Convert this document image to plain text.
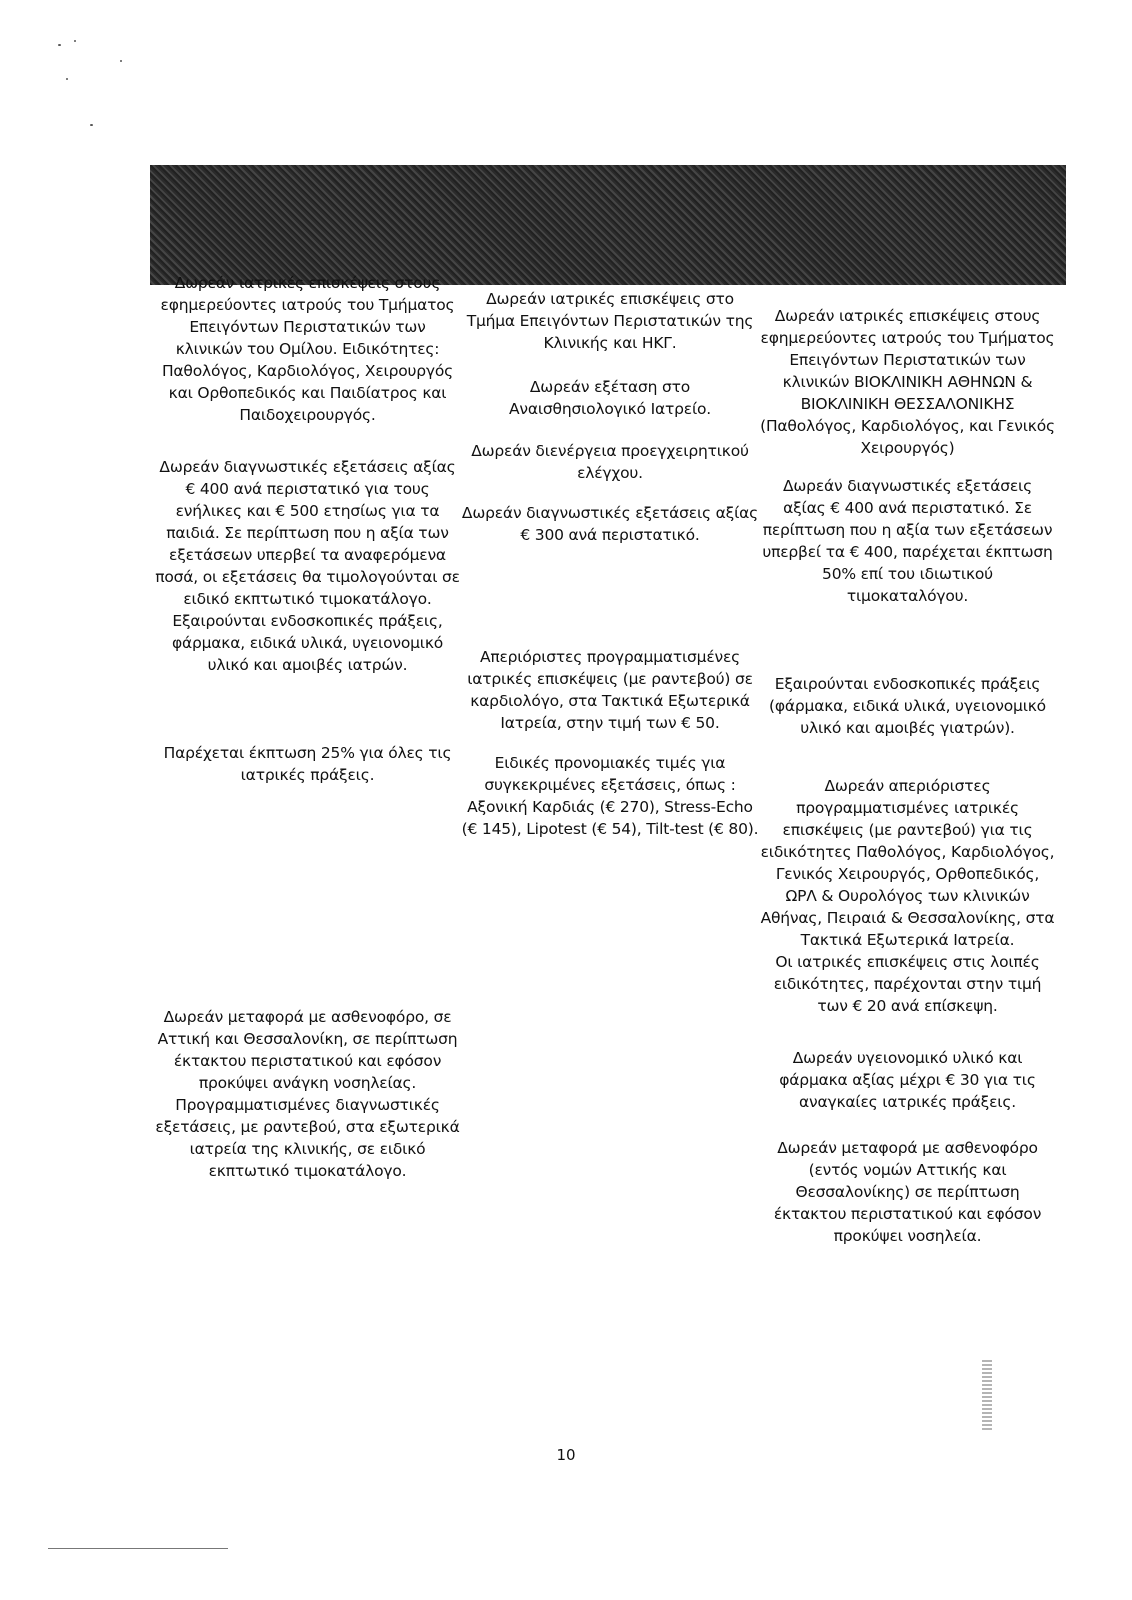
Δωρεάν ιατρικές επισκέψεις στους εφημερεύοντες ιατρούς του Τμήματος Επειγόντων Περιστατικών των κλινικών του Ομίλου. Ειδικότητες: Παθολόγος, Καρδιολόγος, Χειρουργός και Ορθοπεδικός και Παιδίατρος και Παιδοχειρουργός.

Δωρεάν διαγνωστικές εξετάσεις αξίας € 400 ανά περιστατικό για τους ενήλικες και € 500 ετησίως για τα παιδιά. Σε περίπτωση που η αξία των εξετάσεων υπερβεί τα αναφερόμενα ποσά, οι εξετάσεις θα τιμολογούνται σε ειδικό εκπτωτικό τιμοκατάλογο.

Εξαιρούνται ενδοσκοπικές πράξεις, φάρμακα, ειδικά υλικά, υγειονομικό υλικό και αμοιβές ιατρών.

Παρέχεται έκπτωση 25% για όλες τις ιατρικές πράξεις.

Δωρεάν μεταφορά με ασθενοφόρο, σε Αττική και Θεσσαλονίκη, σε περίπτωση έκτακτου περιστατικού και εφόσον προκύψει ανάγκη νοσηλείας.

Προγραμματισμένες διαγνωστικές εξετάσεις, με ραντεβού, στα εξωτερικά ιατρεία της κλινικής, σε ειδικό εκπτωτικό τιμοκατάλογο.

Δωρεάν ιατρικές επισκέψεις στο Τμήμα Επειγόντων Περιστατικών της Κλινικής και ΗΚΓ.

Δωρεάν εξέταση στο Αναισθησιολογικό Ιατρείο.

Δωρεάν διενέργεια προεγχειρητικού ελέγχου.

Δωρεάν διαγνωστικές εξετάσεις αξίας € 300 ανά περιστατικό.

Απεριόριστες προγραμματισμένες ιατρικές επισκέψεις (με ραντεβού) σε καρδιολόγο, στα Τακτικά Εξωτερικά Ιατρεία, στην τιμή των € 50.

Ειδικές προνομιακές τιμές για συγκεκριμένες εξετάσεις, όπως : Αξονική Καρδιάς (€ 270), Stress-Echo (€ 145), Lipotest (€ 54), Tilt-test (€ 80).

Δωρεάν ιατρικές επισκέψεις στους εφημερεύοντες ιατρούς του Τμήματος Επειγόντων Περιστατικών των κλινικών ΒΙΟΚΛΙΝΙΚΗ ΑΘΗΝΩΝ & ΒΙΟΚΛΙΝΙΚΗ ΘΕΣΣΑΛΟΝΙΚΗΣ (Παθολόγος, Καρδιολόγος, και Γενικός Χειρουργός)

Δωρεάν διαγνωστικές εξετάσεις αξίας € 400 ανά περιστατικό. Σε περίπτωση που η αξία των εξετάσεων υπερβεί τα € 400, παρέχεται έκπτωση 50% επί του ιδιωτικού τιμοκαταλόγου.

Εξαιρούνται ενδοσκοπικές πράξεις (φάρμακα, ειδικά υλικά, υγειονομικό υλικό και αμοιβές γιατρών).

Δωρεάν απεριόριστες προγραμματισμένες ιατρικές επισκέψεις (με ραντεβού) για τις ειδικότητες Παθολόγος, Καρδιολόγος, Γενικός Χειρουργός, Ορθοπεδικός, ΩΡΛ & Ουρολόγος των κλινικών Αθήνας, Πειραιά & Θεσσαλονίκης, στα Τακτικά Εξωτερικά Ιατρεία.

Οι ιατρικές επισκέψεις στις λοιπές ειδικότητες, παρέχονται στην τιμή των € 20 ανά επίσκεψη.

Δωρεάν υγειονομικό υλικό και φάρμακα αξίας μέχρι € 30 για τις αναγκαίες ιατρικές πράξεις.

Δωρεάν μεταφορά με ασθενοφόρο (εντός νομών Αττικής και Θεσσαλονίκης) σε περίπτωση έκτακτου περιστατικού και εφόσον προκύψει νοσηλεία.

10
